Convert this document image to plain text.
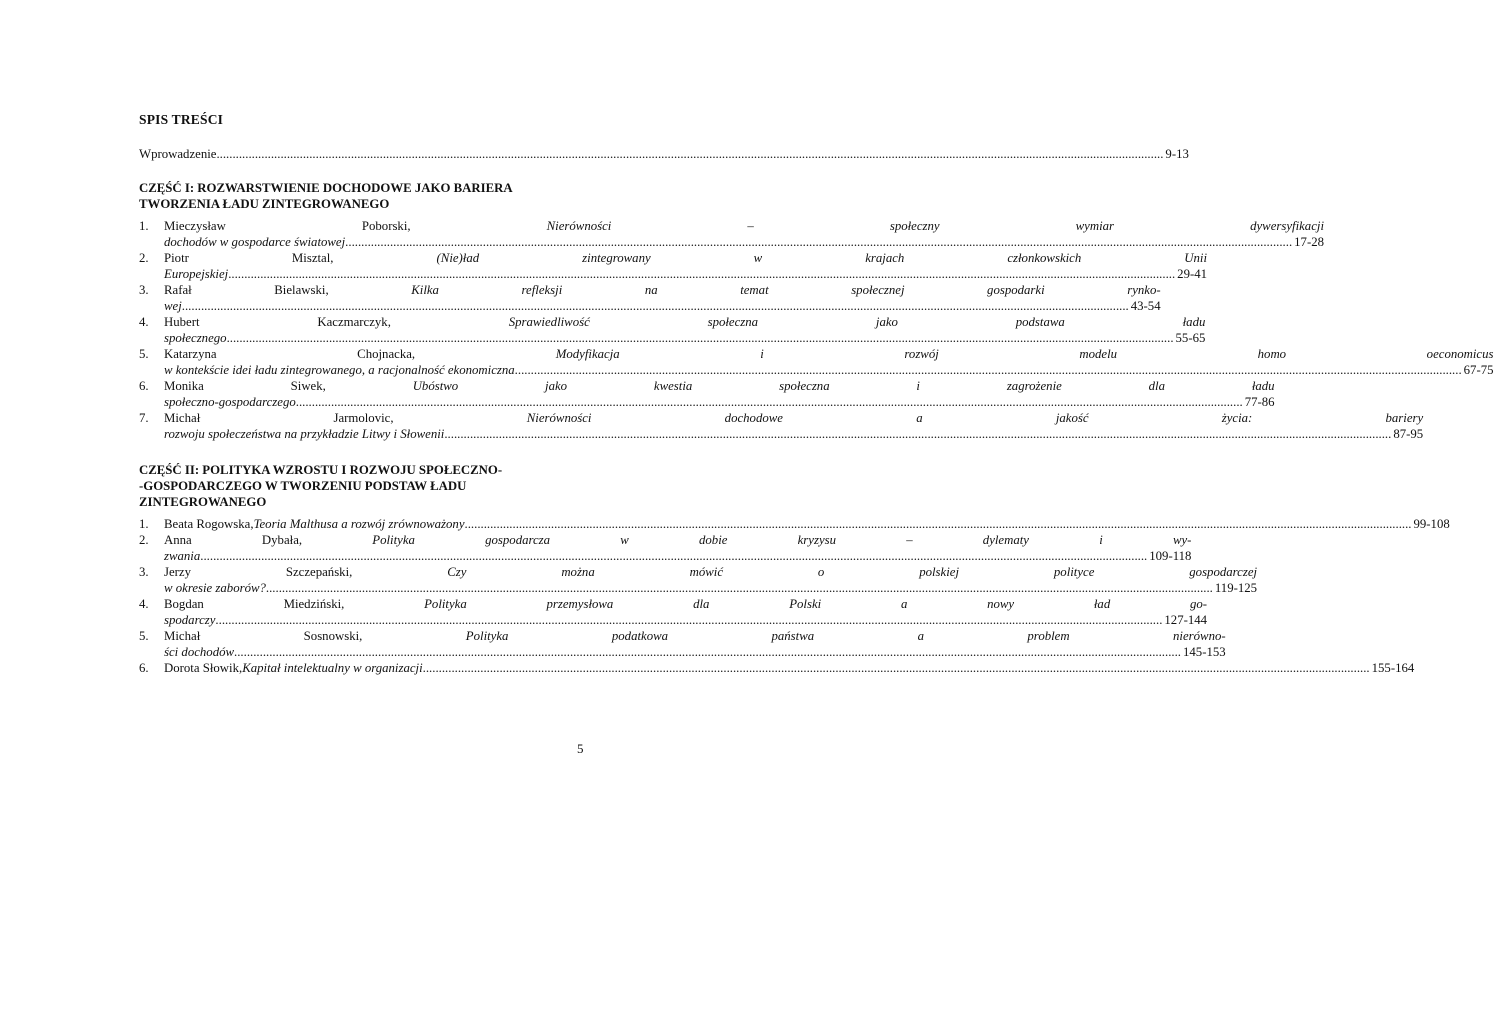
SPIS TREŚCI
Wprowadzenie .....	9-13
CZĘŚĆ I: ROZWARSTWIENIE DOCHODOWE JAKO BARIERA
TWORZENIA ŁADU ZINTEGROWANEGO
1.	Mieczysław Poborski, Nierówności – społeczny wymiar dywersyfikacji
dochodów w gospodarce światowej .....	17-28
2.	Piotr Misztal, (Nie)ład zintegrowany w krajach członkowskich Unii
Europejskiej .....	29-41
3.	Rafał Bielawski, Kilka refleksji na temat społecznej gospodarki rynko-
wej .....	43-54
4.	Hubert Kaczmarczyk, Sprawiedliwość społeczna jako podstawa ładu
społecznego .....	55-65
5.	Katarzyna Chojnacka, Modyfikacja i rozwój modelu homo oeconomicus
w kontekście idei ładu zintegrowanego, a racjonalność ekonomiczna .....	67-75
6.	Monika Siwek, Ubóstwo jako kwestia społeczna i zagrożenie dla ładu
społeczno-gospodarczego .....	77-86
7.	Michał Jarmolovic, Nierówności dochodowe a jakość życia: bariery
rozwoju społeczeństwa na przykładzie Litwy i Słowenii .....	87-95
CZĘŚĆ II: POLITYKA WZROSTU I ROZWOJU SPOŁECZNO-
-GOSPODARCZEGO W TWORZENIU PODSTAW ŁADU
ZINTEGROWANEGO
1.	Beata Rogowska, Teoria Malthusa a rozwój zrównoważony .....	99-108
2.	Anna Dybała, Polityka gospodarcza w dobie kryzysu – dylematy i wy-
zwania .....	109-118
3.	Jerzy Szczepański, Czy można mówić o polskiej polityce gospodarczej
w okresie zaborów? .....	119-125
4.	Bogdan Miedziński, Polityka przemysłowa dla Polski a nowy ład go-
spodarczy .....	127-144
5.	Michał Sosnowski, Polityka podatkowa państwa a problem nierówno-
ści dochodów .....	145-153
6.	Dorota Słowik, Kapitał intelektualny w organizacji .....	155-164
5
